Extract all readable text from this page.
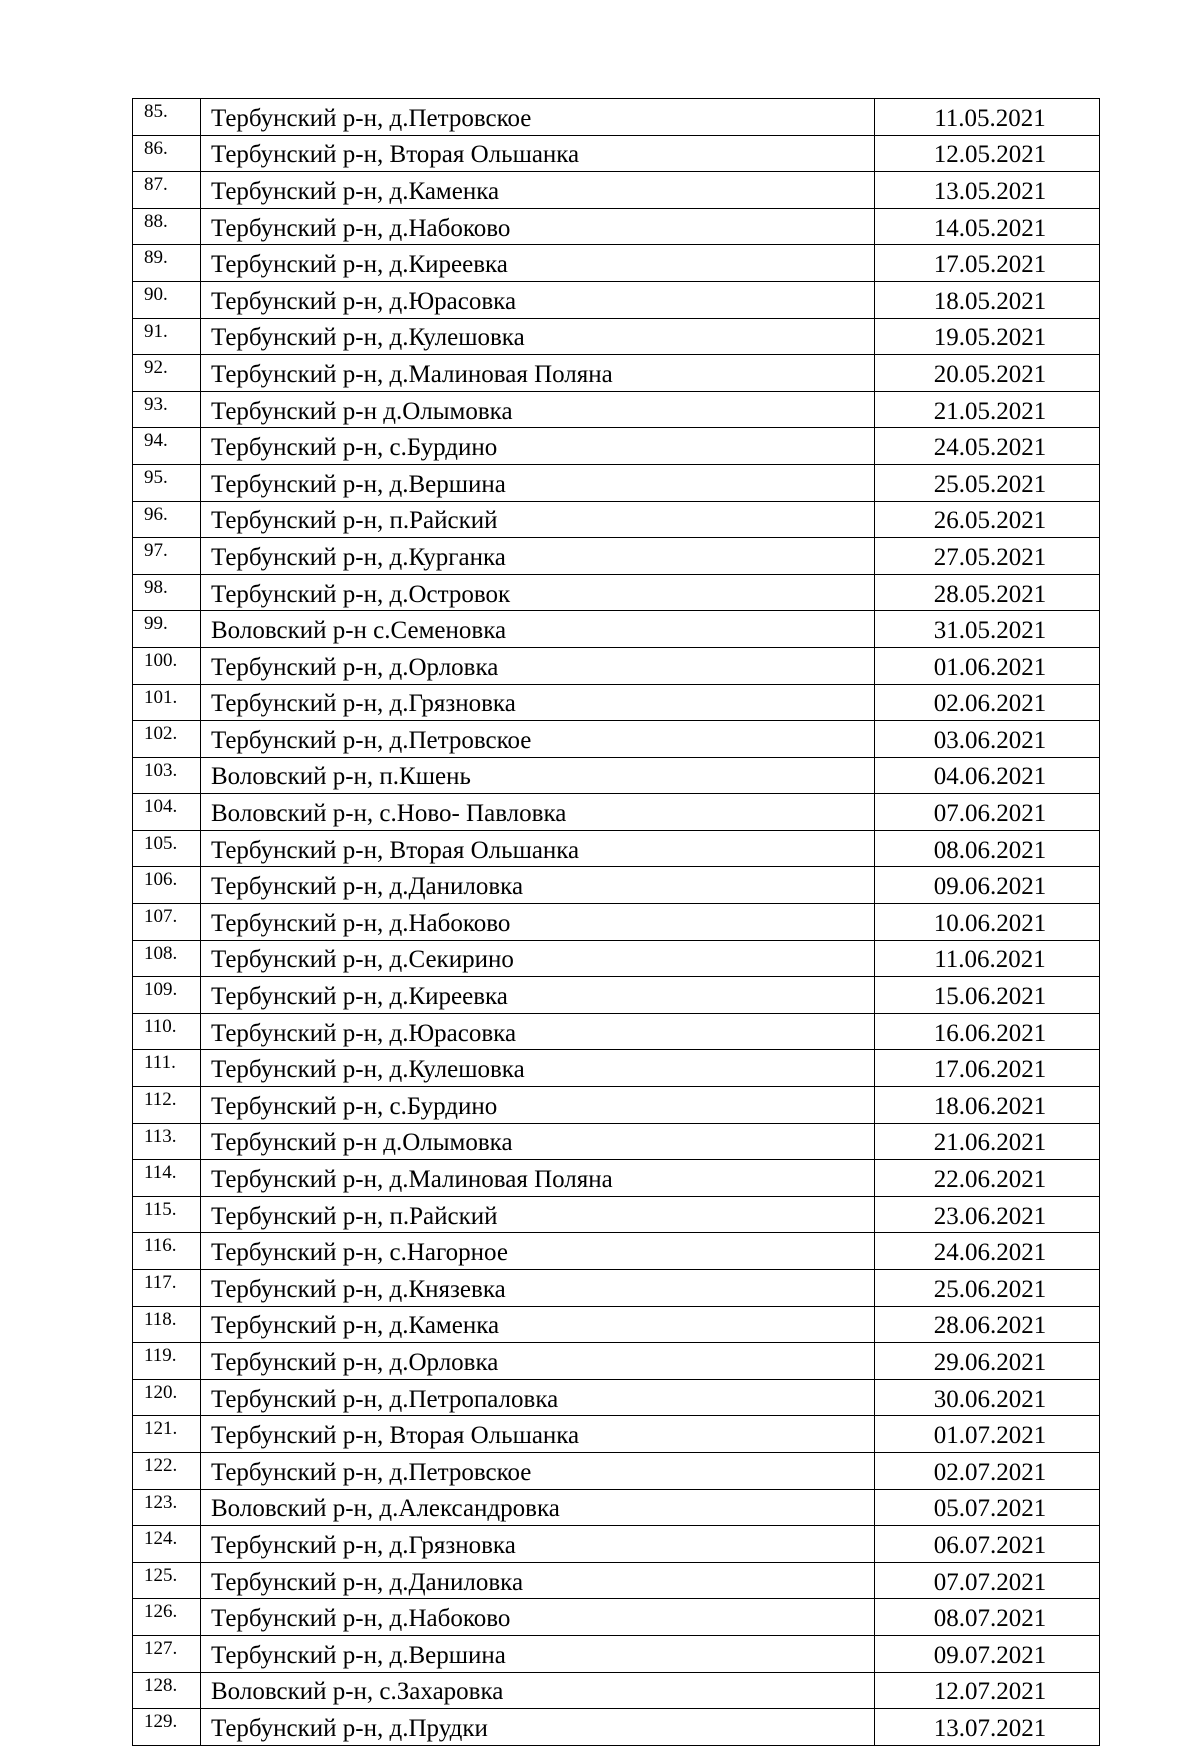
85.	Тербунский р-н, д.Петровское	11.05.2021
86.	Тербунский р-н, Вторая Ольшанка	12.05.2021
87.	Тербунский р-н, д.Каменка	13.05.2021
88.	Тербунский р-н, д.Набоково	14.05.2021
89.	Тербунский р-н, д.Киреевка	17.05.2021
90.	Тербунский р-н, д.Юрасовка	18.05.2021
91.	Тербунский р-н, д.Кулешовка	19.05.2021
92.	Тербунский р-н, д.Малиновая Поляна	20.05.2021
93.	Тербунский р-н д.Олымовка	21.05.2021
94.	Тербунский р-н, с.Бурдино	24.05.2021
95.	Тербунский р-н, д.Вершина	25.05.2021
96.	Тербунский р-н, п.Райский	26.05.2021
97.	Тербунский р-н, д.Курганка	27.05.2021
98.	Тербунский р-н, д.Островок	28.05.2021
99.	Воловский р-н с.Семеновка	31.05.2021
100.	Тербунский р-н, д.Орловка	01.06.2021
101.	Тербунский р-н, д.Грязновка	02.06.2021
102.	Тербунский р-н, д.Петровское	03.06.2021
103.	Воловский р-н, п.Кшень	04.06.2021
104.	Воловский р-н, с.Ново- Павловка	07.06.2021
105.	Тербунский р-н, Вторая Ольшанка	08.06.2021
106.	Тербунский р-н, д.Даниловка	09.06.2021
107.	Тербунский р-н, д.Набоково	10.06.2021
108.	Тербунский р-н, д.Секирино	11.06.2021
109.	Тербунский р-н, д.Киреевка	15.06.2021
110.	Тербунский р-н, д.Юрасовка	16.06.2021
111.	Тербунский р-н, д.Кулешовка	17.06.2021
112.	Тербунский р-н, с.Бурдино	18.06.2021
113.	Тербунский р-н д.Олымовка	21.06.2021
114.	Тербунский р-н, д.Малиновая Поляна	22.06.2021
115.	Тербунский р-н, п.Райский	23.06.2021
116.	Тербунский р-н, с.Нагорное	24.06.2021
117.	Тербунский р-н, д.Князевка	25.06.2021
118.	Тербунский р-н, д.Каменка	28.06.2021
119.	Тербунский р-н, д.Орловка	29.06.2021
120.	Тербунский р-н, д.Петропаловка	30.06.2021
121.	Тербунский р-н, Вторая Ольшанка	01.07.2021
122.	Тербунский р-н, д.Петровское	02.07.2021
123.	Воловский р-н, д.Александровка	05.07.2021
124.	Тербунский р-н, д.Грязновка	06.07.2021
125.	Тербунский р-н, д.Даниловка	07.07.2021
126.	Тербунский р-н, д.Набоково	08.07.2021
127.	Тербунский р-н, д.Вершина	09.07.2021
128.	Воловский р-н, с.Захаровка	12.07.2021
129.	Тербунский р-н, д.Прудки	13.07.2021
